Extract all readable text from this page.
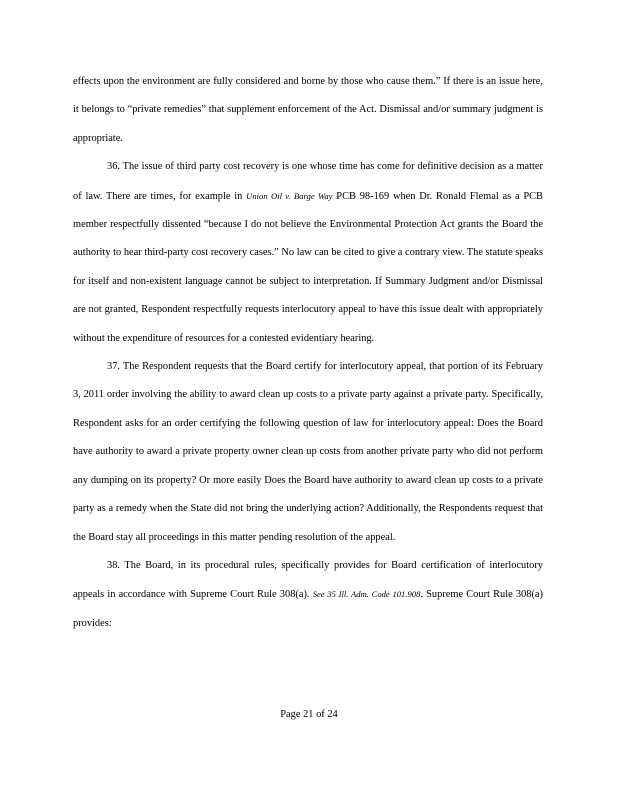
effects upon the environment are fully considered and borne by those who cause them.” If there is an issue here, it belongs to “private remedies” that supplement enforcement of the Act. Dismissal and/or summary judgment is appropriate.

36. The issue of third party cost recovery is one whose time has come for definitive decision as a matter of law. There are times, for example in Union Oil v. Barge Way PCB 98-169 when Dr. Ronald Flemal as a PCB member respectfully dissented “because I do not believe the Environmental Protection Act grants the Board the authority to hear third-party cost recovery cases.” No law can be cited to give a contrary view. The statute speaks for itself and non-existent language cannot be subject to interpretation. If Summary Judgment and/or Dismissal are not granted, Respondent respectfully requests interlocutory appeal to have this issue dealt with appropriately without the expenditure of resources for a contested evidentiary hearing.

37. The Respondent requests that the Board certify for interlocutory appeal, that portion of its February 3, 2011 order involving the ability to award clean up costs to a private party against a private party. Specifically, Respondent asks for an order certifying the following question of law for interlocutory appeal: Does the Board have authority to award a private property owner clean up costs from another private party who did not perform any dumping on its property? Or more easily Does the Board have authority to award clean up costs to a private party as a remedy when the State did not bring the underlying action? Additionally, the Respondents request that the Board stay all proceedings in this matter pending resolution of the appeal.

38. The Board, in its procedural rules, specifically provides for Board certification of interlocutory appeals in accordance with Supreme Court Rule 308(a). See 35 Ill. Adm. Code 101.908. Supreme Court Rule 308(a) provides:

Page 21 of 24
